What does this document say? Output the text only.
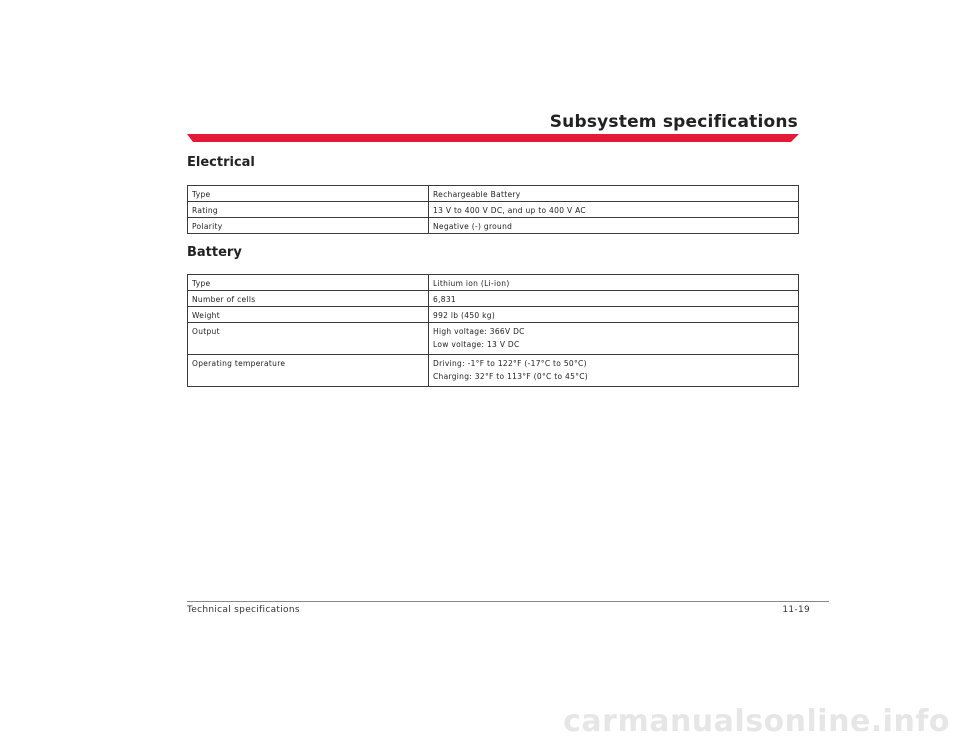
Subsystem specifications
Electrical
Type	Rechargeable Battery

Rating	13 V to 400 V DC, and up to 400 V AC

Polarity	Negative (-) ground
Battery
Type	Lithium ion (Li-ion)

Number of cells	6,831

Weight	992 lb (450 kg)

Output	High voltage: 366V DC
Low voltage: 13 V DC

Operating temperature	Driving: -1°F to 122°F (-17°C to 50°C)
Charging: 32°F to 113°F (0°C to 45°C)
Technical specifications	11-19
carmanualsonline.info
